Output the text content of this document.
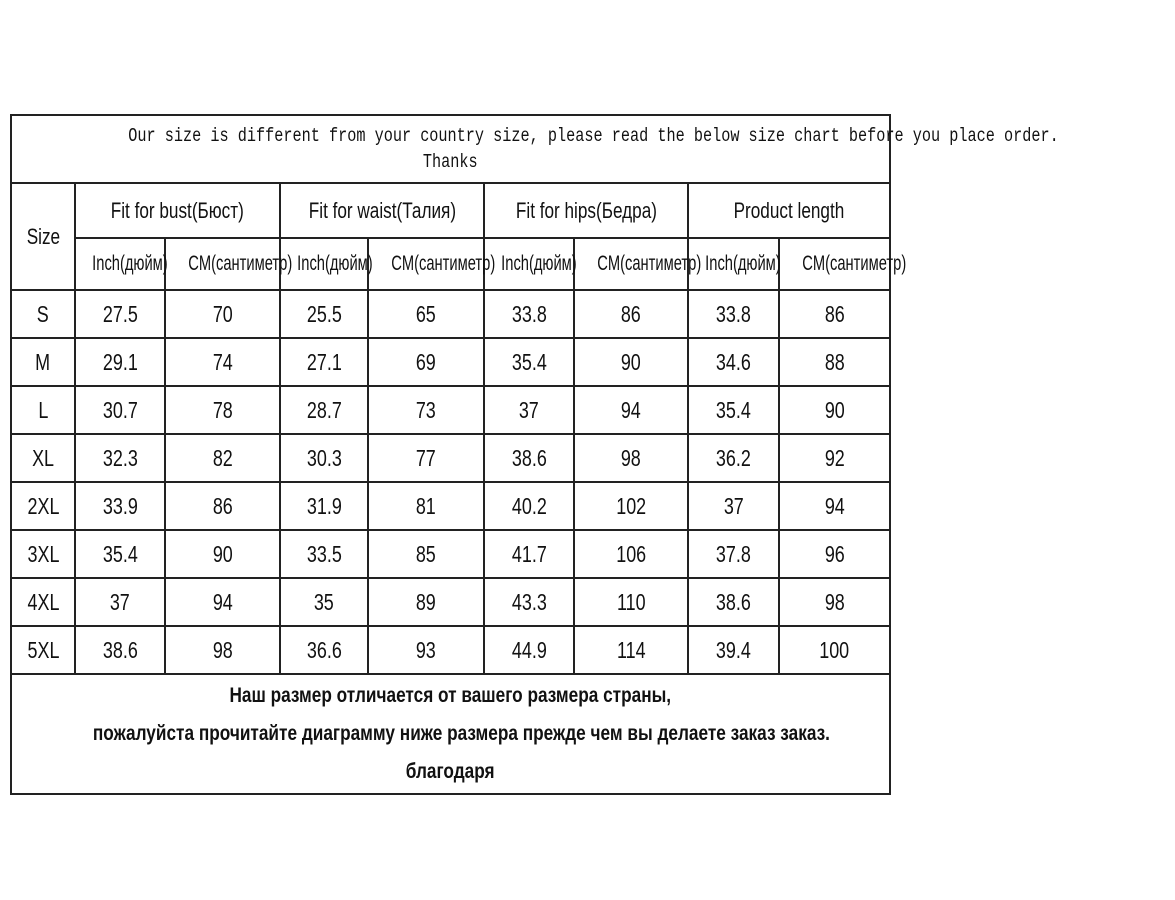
Our size is different from your country size, please read the below size chart before you place order.
Thanks								
Size	Fit for bust(Бюст)		Fit for waist(Талия)		Fit for hips(Бедра)		Product length	
	Inch(дюйм)	CM(сантиметр)	Inch(дюйм)	CM(сантиметр)	Inch(дюйм)	CM(сантиметр)	Inch(дюйм)	CM(сантиметр)
S	27.5	70	25.5	65	33.8	86	33.8	86
M	29.1	74	27.1	69	35.4	90	34.6	88
L	30.7	78	28.7	73	37	94	35.4	90
XL	32.3	82	30.3	77	38.6	98	36.2	92
2XL	33.9	86	31.9	81	40.2	102	37	94
3XL	35.4	90	33.5	85	41.7	106	37.8	96
4XL	37	94	35	89	43.3	110	38.6	98
5XL	38.6	98	36.6	93	44.9	114	39.4	100
Наш размер отличается от вашего размера страны,
пожалуйста прочитайте диаграмму ниже размера прежде чем вы делаете заказ заказ.
благодаря								
